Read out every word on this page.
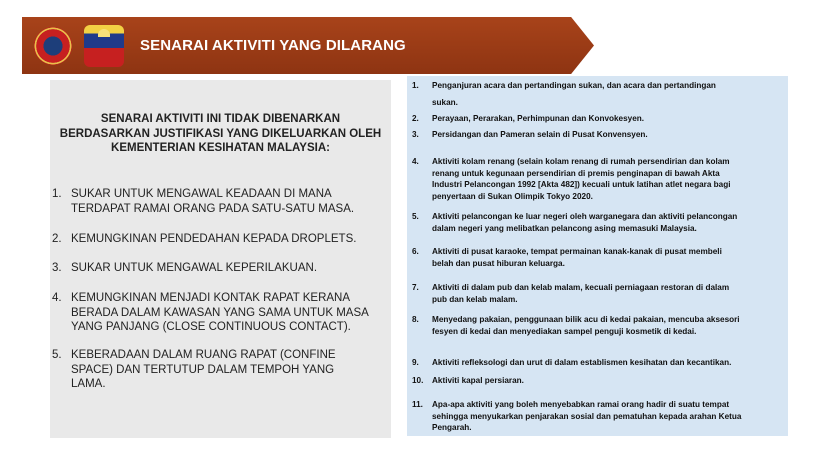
SENARAI AKTIVITI YANG DILARANG
SENARAI AKTIVITI INI TIDAK DIBENARKAN
BERDASARKAN JUSTIFIKASI YANG DIKELUARKAN OLEH
KEMENTERIAN KESIHATAN MALAYSIA:
1. SUKAR UNTUK MENGAWAL KEADAAN DI MANA
TERDAPAT RAMAI ORANG PADA SATU-SATU MASA.
2. KEMUNGKINAN PENDEDAHAN KEPADA DROPLETS.
3. SUKAR UNTUK MENGAWAL KEPERILAKUAN.
4. KEMUNGKINAN MENJADI KONTAK RAPAT KERANA
BERADA DALAM KAWASAN YANG SAMA UNTUK MASA
YANG PANJANG (CLOSE CONTINUOUS CONTACT).
5. KEBERADAAN DALAM RUANG RAPAT (CONFINE
SPACE) DAN TERTUTUP DALAM TEMPOH YANG
LAMA.
1. Penganjuran acara dan pertandingan sukan, dan acara dan pertandingan
sukan.
2. Perayaan, Perarakan, Perhimpunan dan Konvokesyen.
3. Persidangan dan Pameran selain di Pusat Konvensyen.
4. Aktiviti kolam renang (selain kolam renang di rumah persendirian dan kolam
renang untuk kegunaan persendirian di premis penginapan di bawah Akta
Industri Pelancongan 1992 [Akta 482]) kecuali untuk latihan atlet negara bagi
penyertaan di Sukan Olimpik Tokyo 2020.
5. Aktiviti pelancongan ke luar negeri oleh warganegara dan aktiviti pelancongan
dalam negeri yang melibatkan pelancong asing memasuki Malaysia.
6. Aktiviti di pusat karaoke, tempat permainan kanak-kanak di pusat membeli
belah dan pusat hiburan keluarga.
7. Aktiviti di dalam pub dan kelab malam, kecuali perniagaan restoran di dalam
pub dan kelab malam.
8. Menyedang pakaian, penggunaan bilik acu di kedai pakaian, mencuba aksesori
fesyen di kedai dan menyediakan sampel penguji kosmetik di kedai.
9. Aktiviti refleksologi dan urut di dalam establismen kesihatan dan kecantikan.
10. Aktiviti kapal persiaran.
11. Apa-apa aktiviti yang boleh menyebabkan ramai orang hadir di suatu tempat
sehingga menyukarkan penjarakan sosial dan pematuhan kepada arahan Ketua
Pengarah.
